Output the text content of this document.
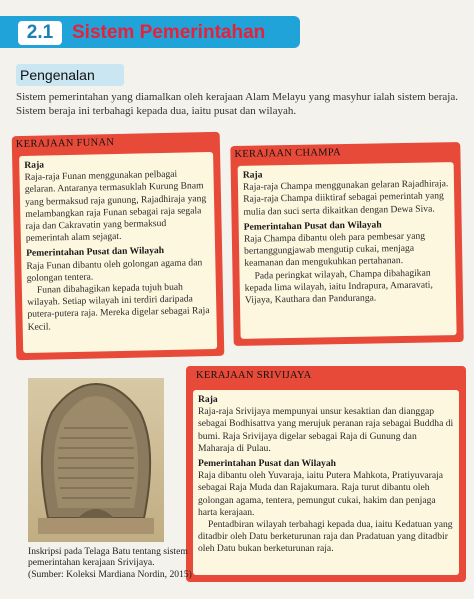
2.1 Sistem Pemerintahan
Pengenalan
Sistem pemerintahan yang diamalkan oleh kerajaan Alam Melayu yang masyhur ialah sistem beraja. Sistem beraja ini terbahagi kepada dua, iaitu pusat dan wilayah.
KERAJAAN FUNAN

Raja

Raja-raja Funan menggunakan pelbagai gelaran. Antaranya termasuklah Kurung Bnam yang bermaksud raja gunung, Rajadhiraja yang melambangkan raja Funan sebagai raja segala raja dan Cakravatin yang bermaksud pemerintah alam sejagat.

Pemerintahan Pusat dan Wilayah

Raja Funan dibantu oleh golongan agama dan golongan tentera.

Funan dibahagikan kepada tujuh buah wilayah. Setiap wilayah ini terdiri daripada putera-putera raja. Mereka digelar sebagai Raja Kecil.

KERAJAAN CHAMPA

Raja

Raja-raja Champa menggunakan gelaran Rajadhiraja. Raja-raja Champa diiktiraf sebagai pemerintah yang mulia dan suci serta dikaitkan dengan Dewa Siva.

Pemerintahan Pusat dan Wilayah

Raja Champa dibantu oleh para pembesar yang bertanggungjawab mengutip cukai, menjaga keamanan dan mengukuhkan pertahanan.

Pada peringkat wilayah, Champa dibahagikan kepada lima wilayah, iaitu Indrapura, Amaravati, Vijaya, Kauthara dan Panduranga.

KERAJAAN SRIVIJAYA

Raja

Raja-raja Srivijaya mempunyai unsur kesaktian dan dianggap sebagai Bodhisattva yang merujuk peranan raja sebagai Buddha di bumi. Raja Srivijaya digelar sebagai Raja di Gunung dan Maharaja di Pulau.

Pemerintahan Pusat dan Wilayah

Raja dibantu oleh Yuvaraja, iaitu Putera Mahkota, Pratiyuvaraja sebagai Raja Muda dan Rajakumara. Raja turut dibantu oleh golongan agama, tentera, pemungut cukai, hakim dan penjaga harta kerajaan.

Pentadbiran wilayah terbahagi kepada dua, iaitu Kedatuan yang ditadbir oleh Datu berketurunan raja dan Pradatuan yang ditadbir oleh Datu bukan berketurunan raja.

Inskripsi pada Telaga Batu tentang sistem pemerintahan kerajaan Srivijaya.
(Sumber: Koleksi Mardiana Nordin, 2015)
